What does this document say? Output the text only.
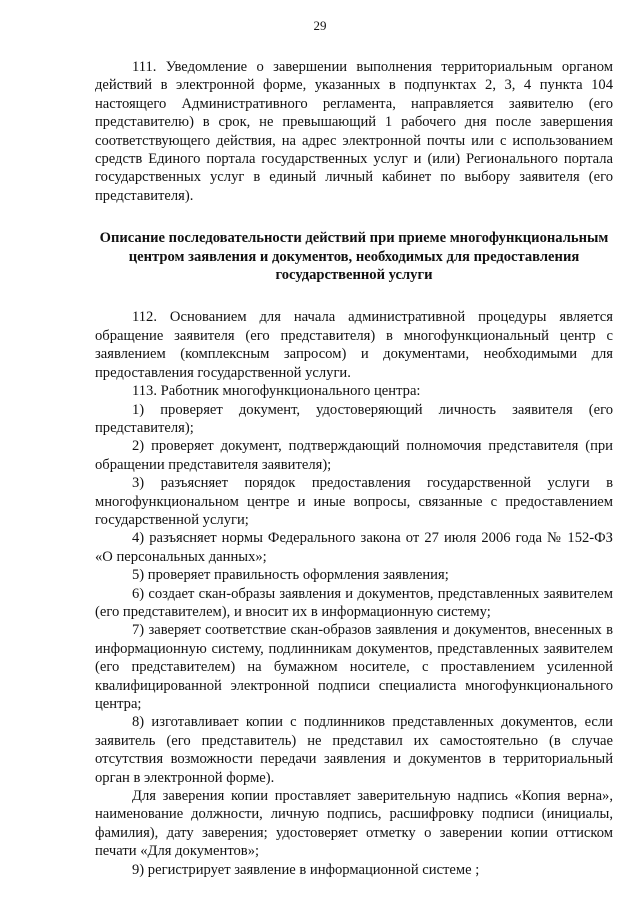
29

111. Уведомление о завершении выполнения территориальным органом действий в электронной форме, указанных в подпунктах 2, 3, 4 пункта 104 настоящего Административного регламента, направляется заявителю (его представителю) в срок, не превышающий 1 рабочего дня после завершения соответствующего действия, на адрес электронной почты или с использованием средств Единого портала государственных услуг и (или) Регионального портала государственных услуг в единый личный кабинет по выбору заявителя (его представителя).

Описание последовательности действий при приеме многофункциональным центром заявления и документов, необходимых для предоставления государственной услуги

112. Основанием для начала административной процедуры является обращение заявителя (его представителя) в многофункциональный центр с заявлением (комплексным запросом) и документами, необходимыми для предоставления государственной услуги.

113. Работник многофункционального центра:

1) проверяет документ, удостоверяющий личность заявителя (его представителя);

2) проверяет документ, подтверждающий полномочия представителя (при обращении представителя заявителя);

3) разъясняет порядок предоставления государственной услуги в многофункциональном центре и иные вопросы, связанные с предоставлением государственной услуги;

4) разъясняет нормы Федерального закона от 27 июля 2006 года № 152-ФЗ «О персональных данных»;

5) проверяет правильность оформления заявления;

6) создает скан-образы заявления и документов, представленных заявителем (его представителем), и вносит их в информационную систему;

7) заверяет соответствие скан-образов заявления и документов, внесенных в информационную систему, подлинникам документов, представленных заявителем (его представителем) на бумажном носителе, с проставлением усиленной квалифицированной электронной подписи специалиста многофункционального центра;

8) изготавливает копии с подлинников представленных документов, если заявитель (его представитель) не представил их самостоятельно (в случае отсутствия возможности передачи заявления и документов в территориальный орган в электронной форме).

Для заверения копии проставляет заверительную надпись «Копия верна», наименование должности, личную подпись, расшифровку подписи (инициалы, фамилия), дату заверения; удостоверяет отметку о заверении копии оттиском печати «Для документов»;

9) регистрирует заявление в информационной системе ;
